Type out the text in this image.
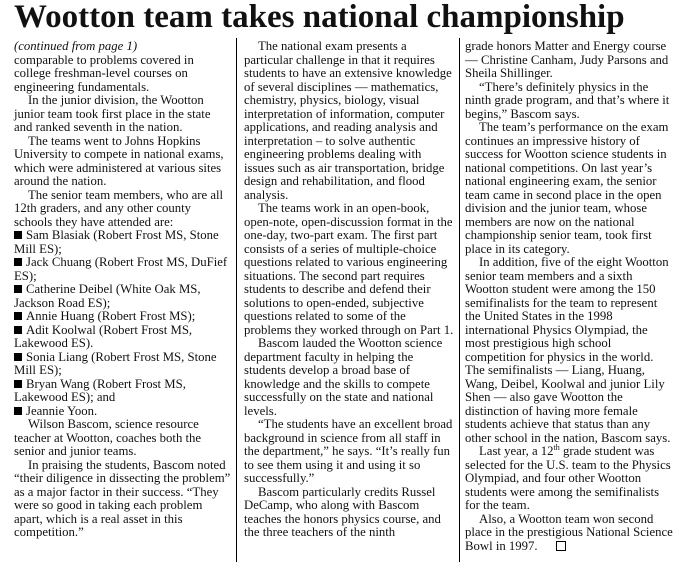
Wootton team takes national championship

(continued from page 1)

comparable to problems covered in college freshman-level courses on engineering fundamentals.

In the junior division, the Wootton junior team took first place in the state and ranked seventh in the nation.

The teams went to Johns Hopkins University to compete in national exams, which were administered at various sites around the nation.

The senior team members, who are all 12th graders, and any other county schools they have attended are:

Sam Blasiak (Robert Frost MS, Stone Mill ES);

Jack Chuang (Robert Frost MS, DuFief ES);

Catherine Deibel (White Oak MS, Jackson Road ES);

Annie Huang (Robert Frost MS);

Adit Koolwal (Robert Frost MS, Lakewood ES).

Sonia Liang (Robert Frost MS, Stone Mill ES);

Bryan Wang (Robert Frost MS, Lakewood ES); and

Jeannie Yoon.

Wilson Bascom, science resource teacher at Wootton, coaches both the senior and junior teams.

In praising the students, Bascom noted “their diligence in dissecting the problem” as a major factor in their success. “They were so good in taking each problem apart, which is a real asset in this competition.”

The national exam presents a particular challenge in that it requires students to have an extensive knowledge of several disciplines — mathematics, chemistry, physics, biology, visual interpretation of information, computer applications, and reading analysis and interpretation – to solve authentic engineering problems dealing with issues such as air transportation, bridge design and rehabilitation, and flood analysis.

The teams work in an open-book, open-note, open-discussion format in the one-day, two-part exam. The first part consists of a series of multiple-choice questions related to various engineering situations. The second part requires students to describe and defend their solutions to open-ended, subjective questions related to some of the problems they worked through on Part 1.

Bascom lauded the Wootton science department faculty in helping the students develop a broad base of knowledge and the skills to compete successfully on the state and national levels.

“The students have an excellent broad background in science from all staff in the department,” he says. “It’s really fun to see them using it and using it so successfully.”

Bascom particularly credits Russel DeCamp, who along with Bascom teaches the honors physics course, and the three teachers of the ninth

grade honors Matter and Energy course — Christine Canham, Judy Parsons and Sheila Shillinger.

“There’s definitely physics in the ninth grade program, and that’s where it begins,” Bascom says.

The team’s performance on the exam continues an impressive history of success for Wootton science students in national competitions. On last year’s national engineering exam, the senior team came in second place in the open division and the junior team, whose members are now on the national championship senior team, took first place in its category.

In addition, five of the eight Wootton senior team members and a sixth Wootton student were among the 150 semifinalists for the team to represent the United States in the 1998 international Physics Olympiad, the most prestigious high school competition for physics in the world. The semifinalists — Liang, Huang, Wang, Deibel, Koolwal and junior Lily Shen — also gave Wootton the distinction of having more female students achieve that status than any other school in the nation, Bascom says.

Last year, a 12th grade student was selected for the U.S. team to the Physics Olympiad, and four other Wootton students were among the semifinalists for the team.

Also, a Wootton team won second place in the prestigious National Science Bowl in 1997.
